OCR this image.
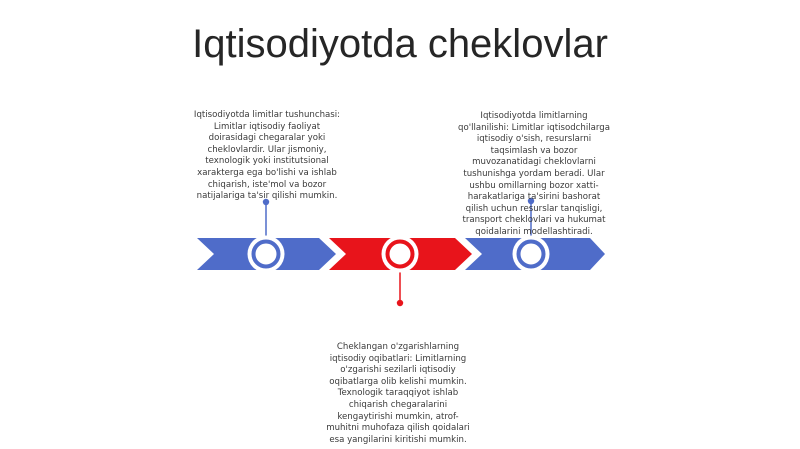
Iqtisodiyotda cheklovlar
Iqtisodiyotda limitlar tushunchasi:
Limitlar iqtisodiy faoliyat
doirasidagi chegaralar yoki
cheklovlardir. Ular jismoniy,
texnologik yoki institutsional
xarakterga ega bo'lishi va ishlab
chiqarish, iste'mol va bozor
natijalariga ta'sir qilishi mumkin.
Cheklangan o'zgarishlarning
iqtisodiy oqibatlari: Limitlarning
o'zgarishi sezilarli iqtisodiy
oqibatlarga olib kelishi mumkin.
Texnologik taraqqiyot ishlab
chiqarish chegaralarini
kengaytirishi mumkin, atrof-
muhitni muhofaza qilish qoidalari
esa yangilarini kiritishi mumkin.
Iqtisodiyotda limitlarning
qo'llanilishi: Limitlar iqtisodchilarga
iqtisodiy o'sish, resurslarni
taqsimlash va bozor
muvozanatidagi cheklovlarni
tushunishga yordam beradi. Ular
ushbu omillarning bozor xatti-
harakatlariga ta'sirini bashorat
qilish uchun resurslar tanqisligi,
transport cheklovlari va hukumat
qoidalarini modellashtiradi.
